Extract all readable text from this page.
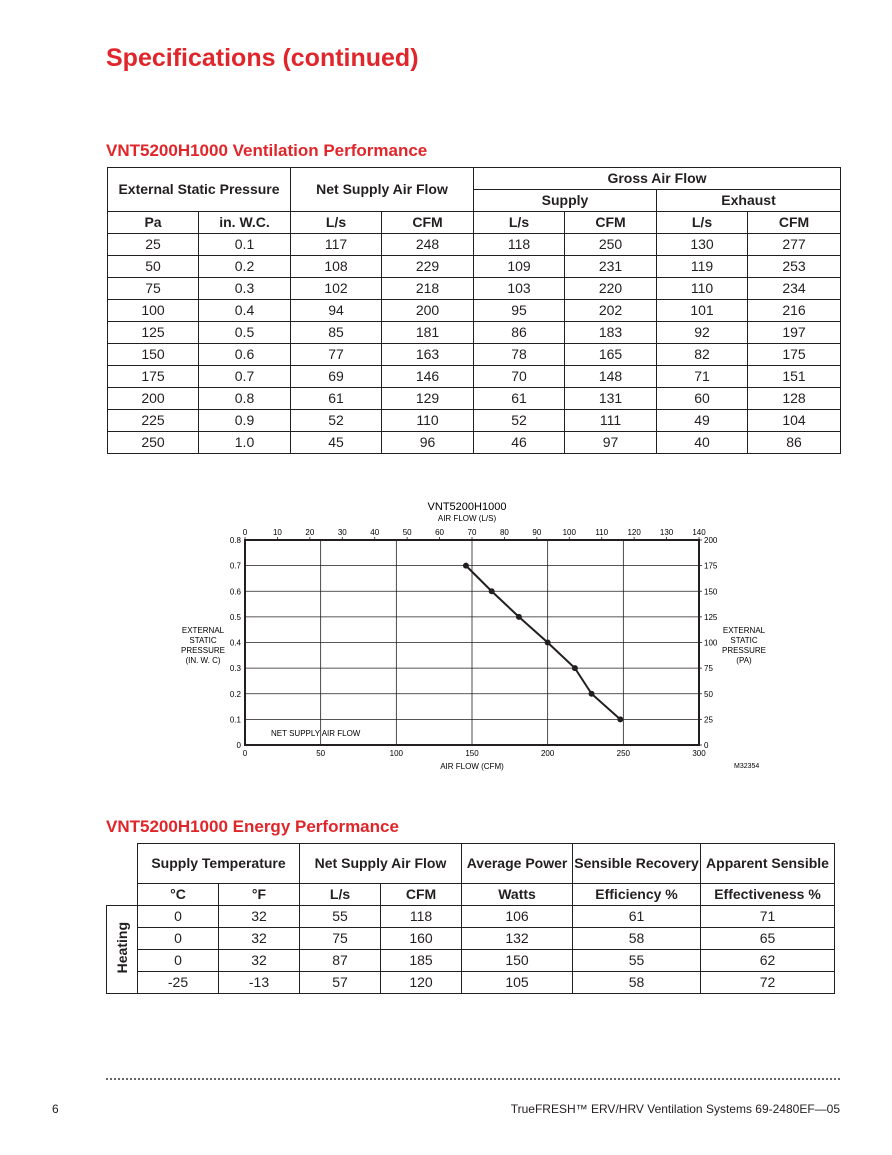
Specifications (continued)
VNT5200H1000 Ventilation Performance
External Static Pressure		Net Supply Air Flow		Gross Air Flow			
				Supply		Exhaust	
Pa	in. W.C.	L/s	CFM	L/s	CFM	L/s	CFM
25	0.1	117	248	118	250	130	277
50	0.2	108	229	109	231	119	253
75	0.3	102	218	103	220	110	234
100	0.4	94	200	95	202	101	216
125	0.5	85	181	86	183	92	197
150	0.6	77	163	78	165	82	175
175	0.7	69	146	70	148	71	151
200	0.8	61	129	61	131	60	128
225	0.9	52	110	52	111	49	104
250	1.0	45	96	46	97	40	86
0
0.1
0.2
0.3
0.4
0.5
0.6
0.7
0.8
0
25
50
75
100
125
150
175
200
0	50	100	150	200	250	300
0	10	20	30	40	50	60	70	80	90	100 110 120 130 140
VNT5200H1000
AIR FLOW (L/S)
AIR FLOW (CFM)	M32354
EXTERNAL STATIC PRESSURE (IN. W. C)
EXTERNAL STATIC PRESSURE (PA)
NET SUPPLY AIR FLOW
VNT5200H1000 Energy Performance
	Supply Temperature		Net Supply Air Flow		Average Power	Sensible Recovery	Apparent Sensible
	°C	°F	L/s	CFM	Watts	Efficiency %	Effectiveness %
Heating	0	32	55	118	106	61	71
	0	32	75	160	132	58	65
	0	32	87	185	150	55	62
	-25	-13	57	120	105	58	72
6	TrueFRESH™ ERV/HRV Ventilation Systems 69-2480EF—05
